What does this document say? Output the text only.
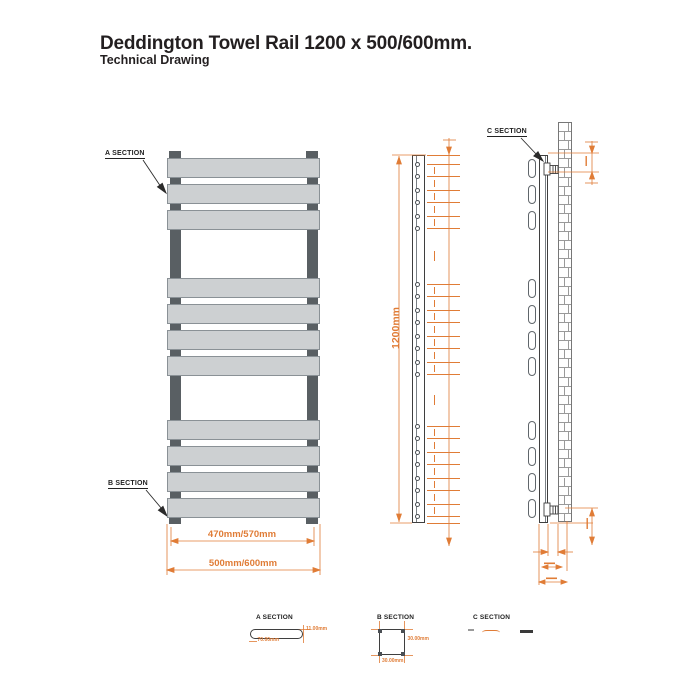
Deddington Towel Rail 1200 x 500/600mm.
Technical Drawing
A SECTION
B SECTION
C SECTION
470mm/570mm
500mm/600mm
1200mm
A SECTION
11.00mm
70.00mm
B SECTION
30.00mm
30.00mm
C SECTION
